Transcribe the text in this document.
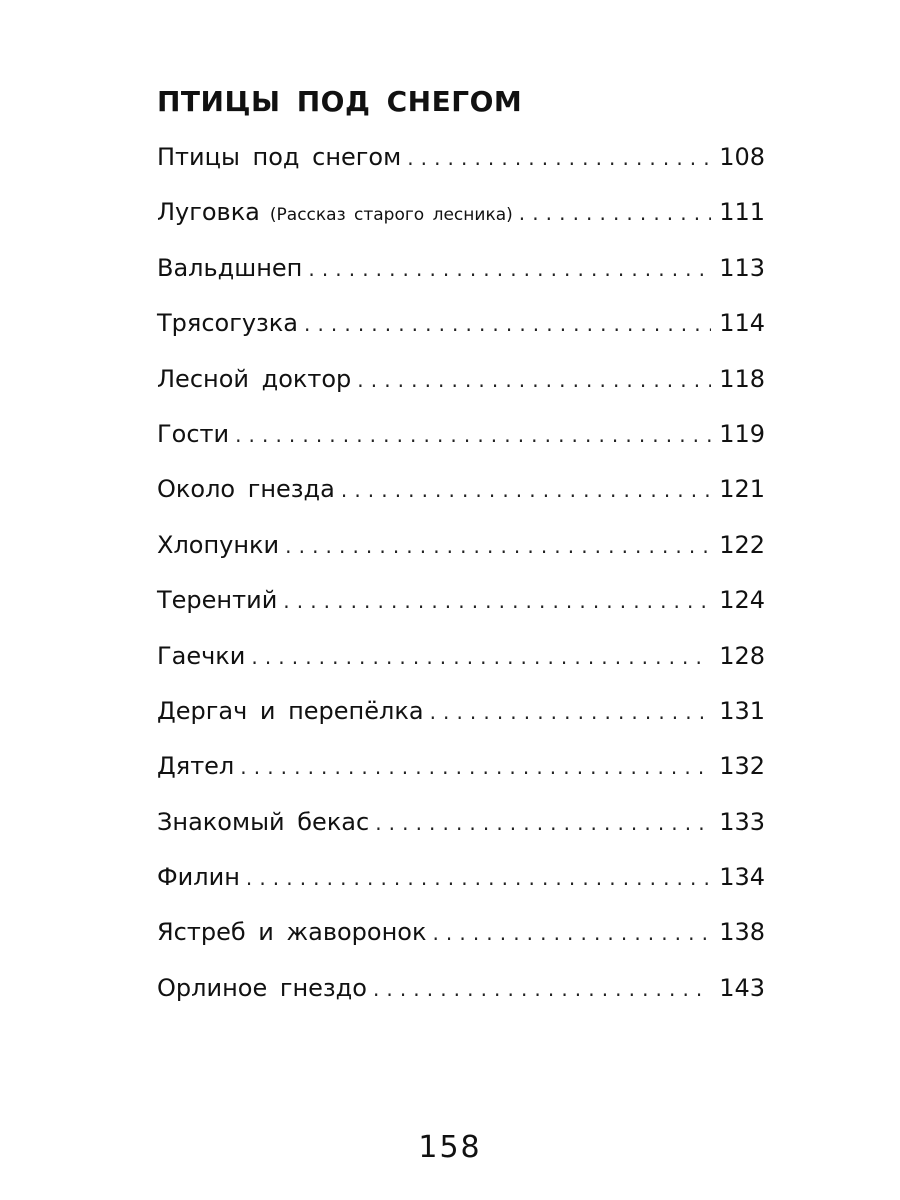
ПТИЦЫ ПОД СНЕГОМ
Птицы под снегом .....	108
Луговка (Рассказ старого лесника) .....	111
Вальдшнеп .....	113
Трясогузка .....	114
Лесной доктор .....	118
Гости .....	119
Около гнезда .....	121
Хлопунки .....	122
Терентий .....	124
Гаечки .....	128
Дергач и перепёлка .....	131
Дятел .....	132
Знакомый бекас .....	133
Филин .....	134
Ястреб и жаворонок .....	138
Орлиное гнездо .....	143
158
